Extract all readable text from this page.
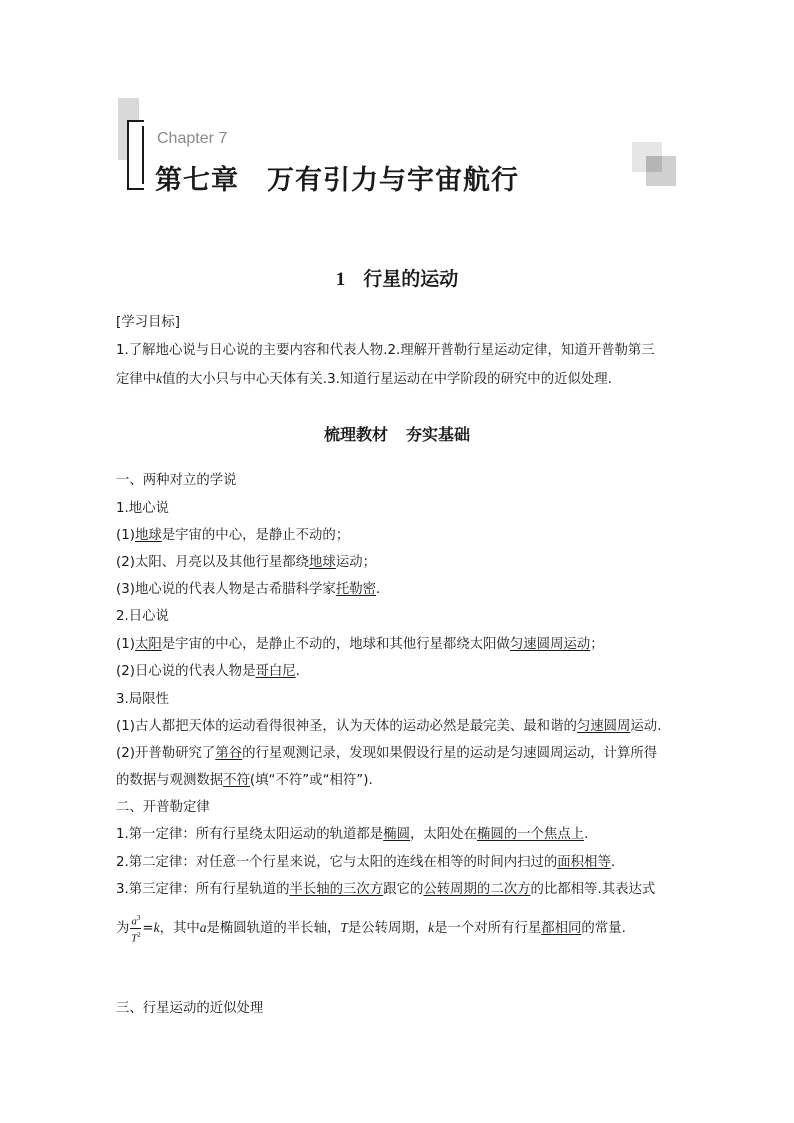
Chapter 7
第七章 万有引力与宇宙航行
1 行星的运动
[学习目标]
1.了解地心说与日心说的主要内容和代表人物.2.理解开普勒行星运动定律，知道开普勒第三
定律中k值的大小只与中心天体有关.3.知道行星运动在中学阶段的研究中的近似处理.
梳理教材 夯实基础
一、两种对立的学说
1.地心说
(1)地球是宇宙的中心，是静止不动的；
(2)太阳、月亮以及其他行星都绕地球运动；
(3)地心说的代表人物是古希腊科学家托勒密.
2.日心说
(1)太阳是宇宙的中心，是静止不动的，地球和其他行星都绕太阳做匀速圆周运动；
(2)日心说的代表人物是哥白尼.
3.局限性
(1)古人都把天体的运动看得很神圣，认为天体的运动必然是最完美、最和谐的匀速圆周运动.
(2)开普勒研究了第谷的行星观测记录，发现如果假设行星的运动是匀速圆周运动，计算所得
的数据与观测数据不符(填“不符”或“相符”).
二、开普勒定律
1.第一定律：所有行星绕太阳运动的轨道都是椭圆，太阳处在椭圆的一个焦点上.
2.第二定律：对任意一个行星来说，它与太阳的连线在相等的时间内扫过的面积相等.
3.第三定律：所有行星轨道的半长轴的三次方跟它的公转周期的二次方的比都相等.其表达式
为 $\frac{a^3}{T^2} =k$，其中a是椭圆轨道的半长轴，T是公转周期，k是一个对所有行星都相同的常量.
三、行星运动的近似处理
